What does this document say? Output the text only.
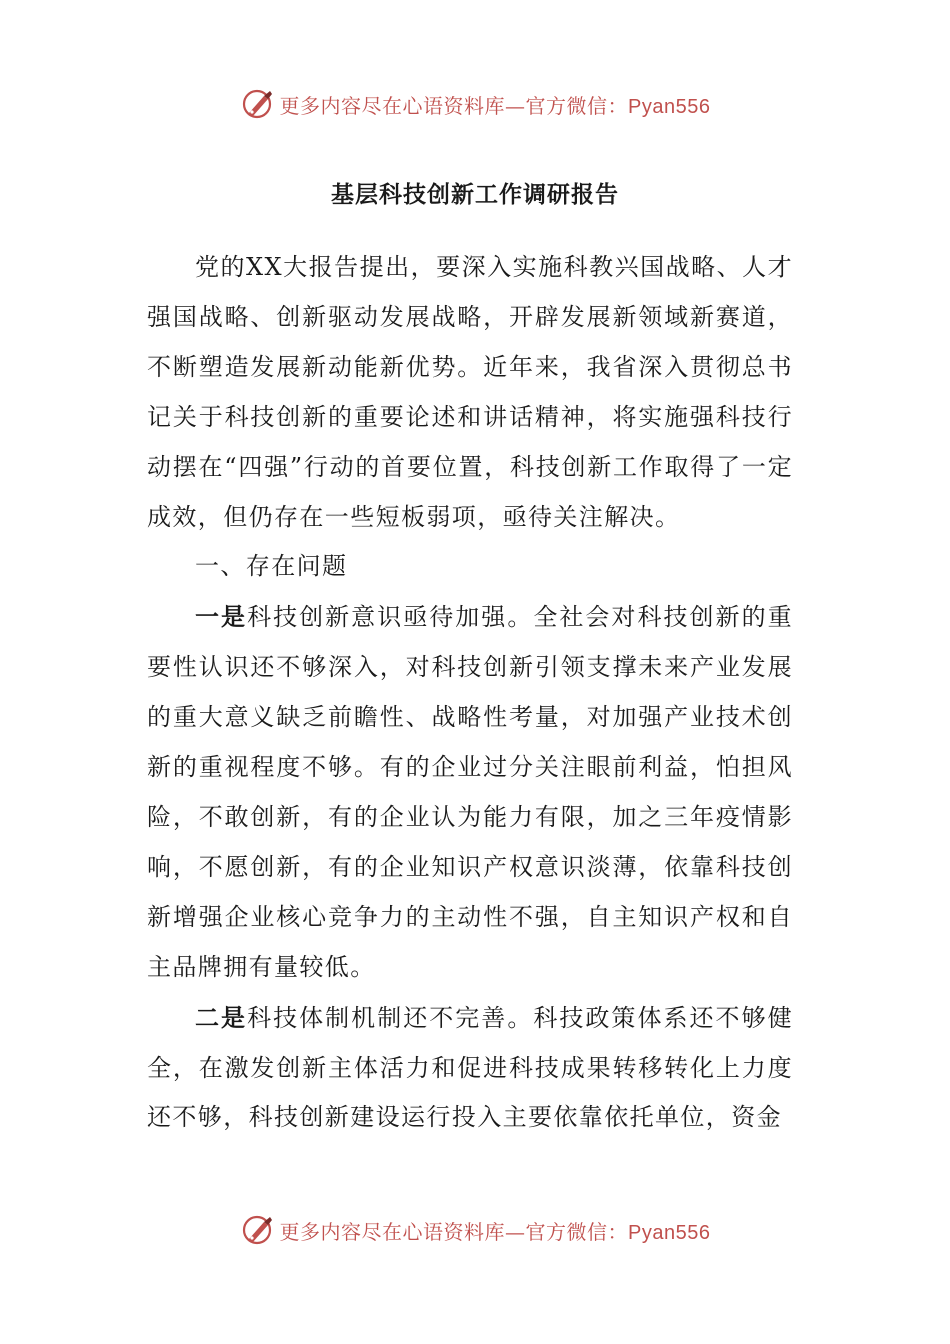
更多内容尽在心语资料库—官方微信：Pyan556
基层科技创新工作调研报告

党的XX大报告提出，要深入实施科教兴国战略、人才强国战略、创新驱动发展战略，开辟发展新领域新赛道，不断塑造发展新动能新优势。近年来，我省深入贯彻总书记关于科技创新的重要论述和讲话精神，将实施强科技行动摆在“四强”行动的首要位置，科技创新工作取得了一定成效，但仍存在一些短板弱项，亟待关注解决。

一、存在问题

一是科技创新意识亟待加强。全社会对科技创新的重要性认识还不够深入，对科技创新引领支撑未来产业发展的重大意义缺乏前瞻性、战略性考量，对加强产业技术创新的重视程度不够。有的企业过分关注眼前利益，怕担风险，不敢创新，有的企业认为能力有限，加之三年疫情影响，不愿创新，有的企业知识产权意识淡薄，依靠科技创新增强企业核心竞争力的主动性不强，自主知识产权和自主品牌拥有量较低。

二是科技体制机制还不完善。科技政策体系还不够健全，在激发创新主体活力和促进科技成果转移转化上力度还不够，科技创新建设运行投入主要依靠依托单位，资金

更多内容尽在心语资料库—官方微信：Pyan556
